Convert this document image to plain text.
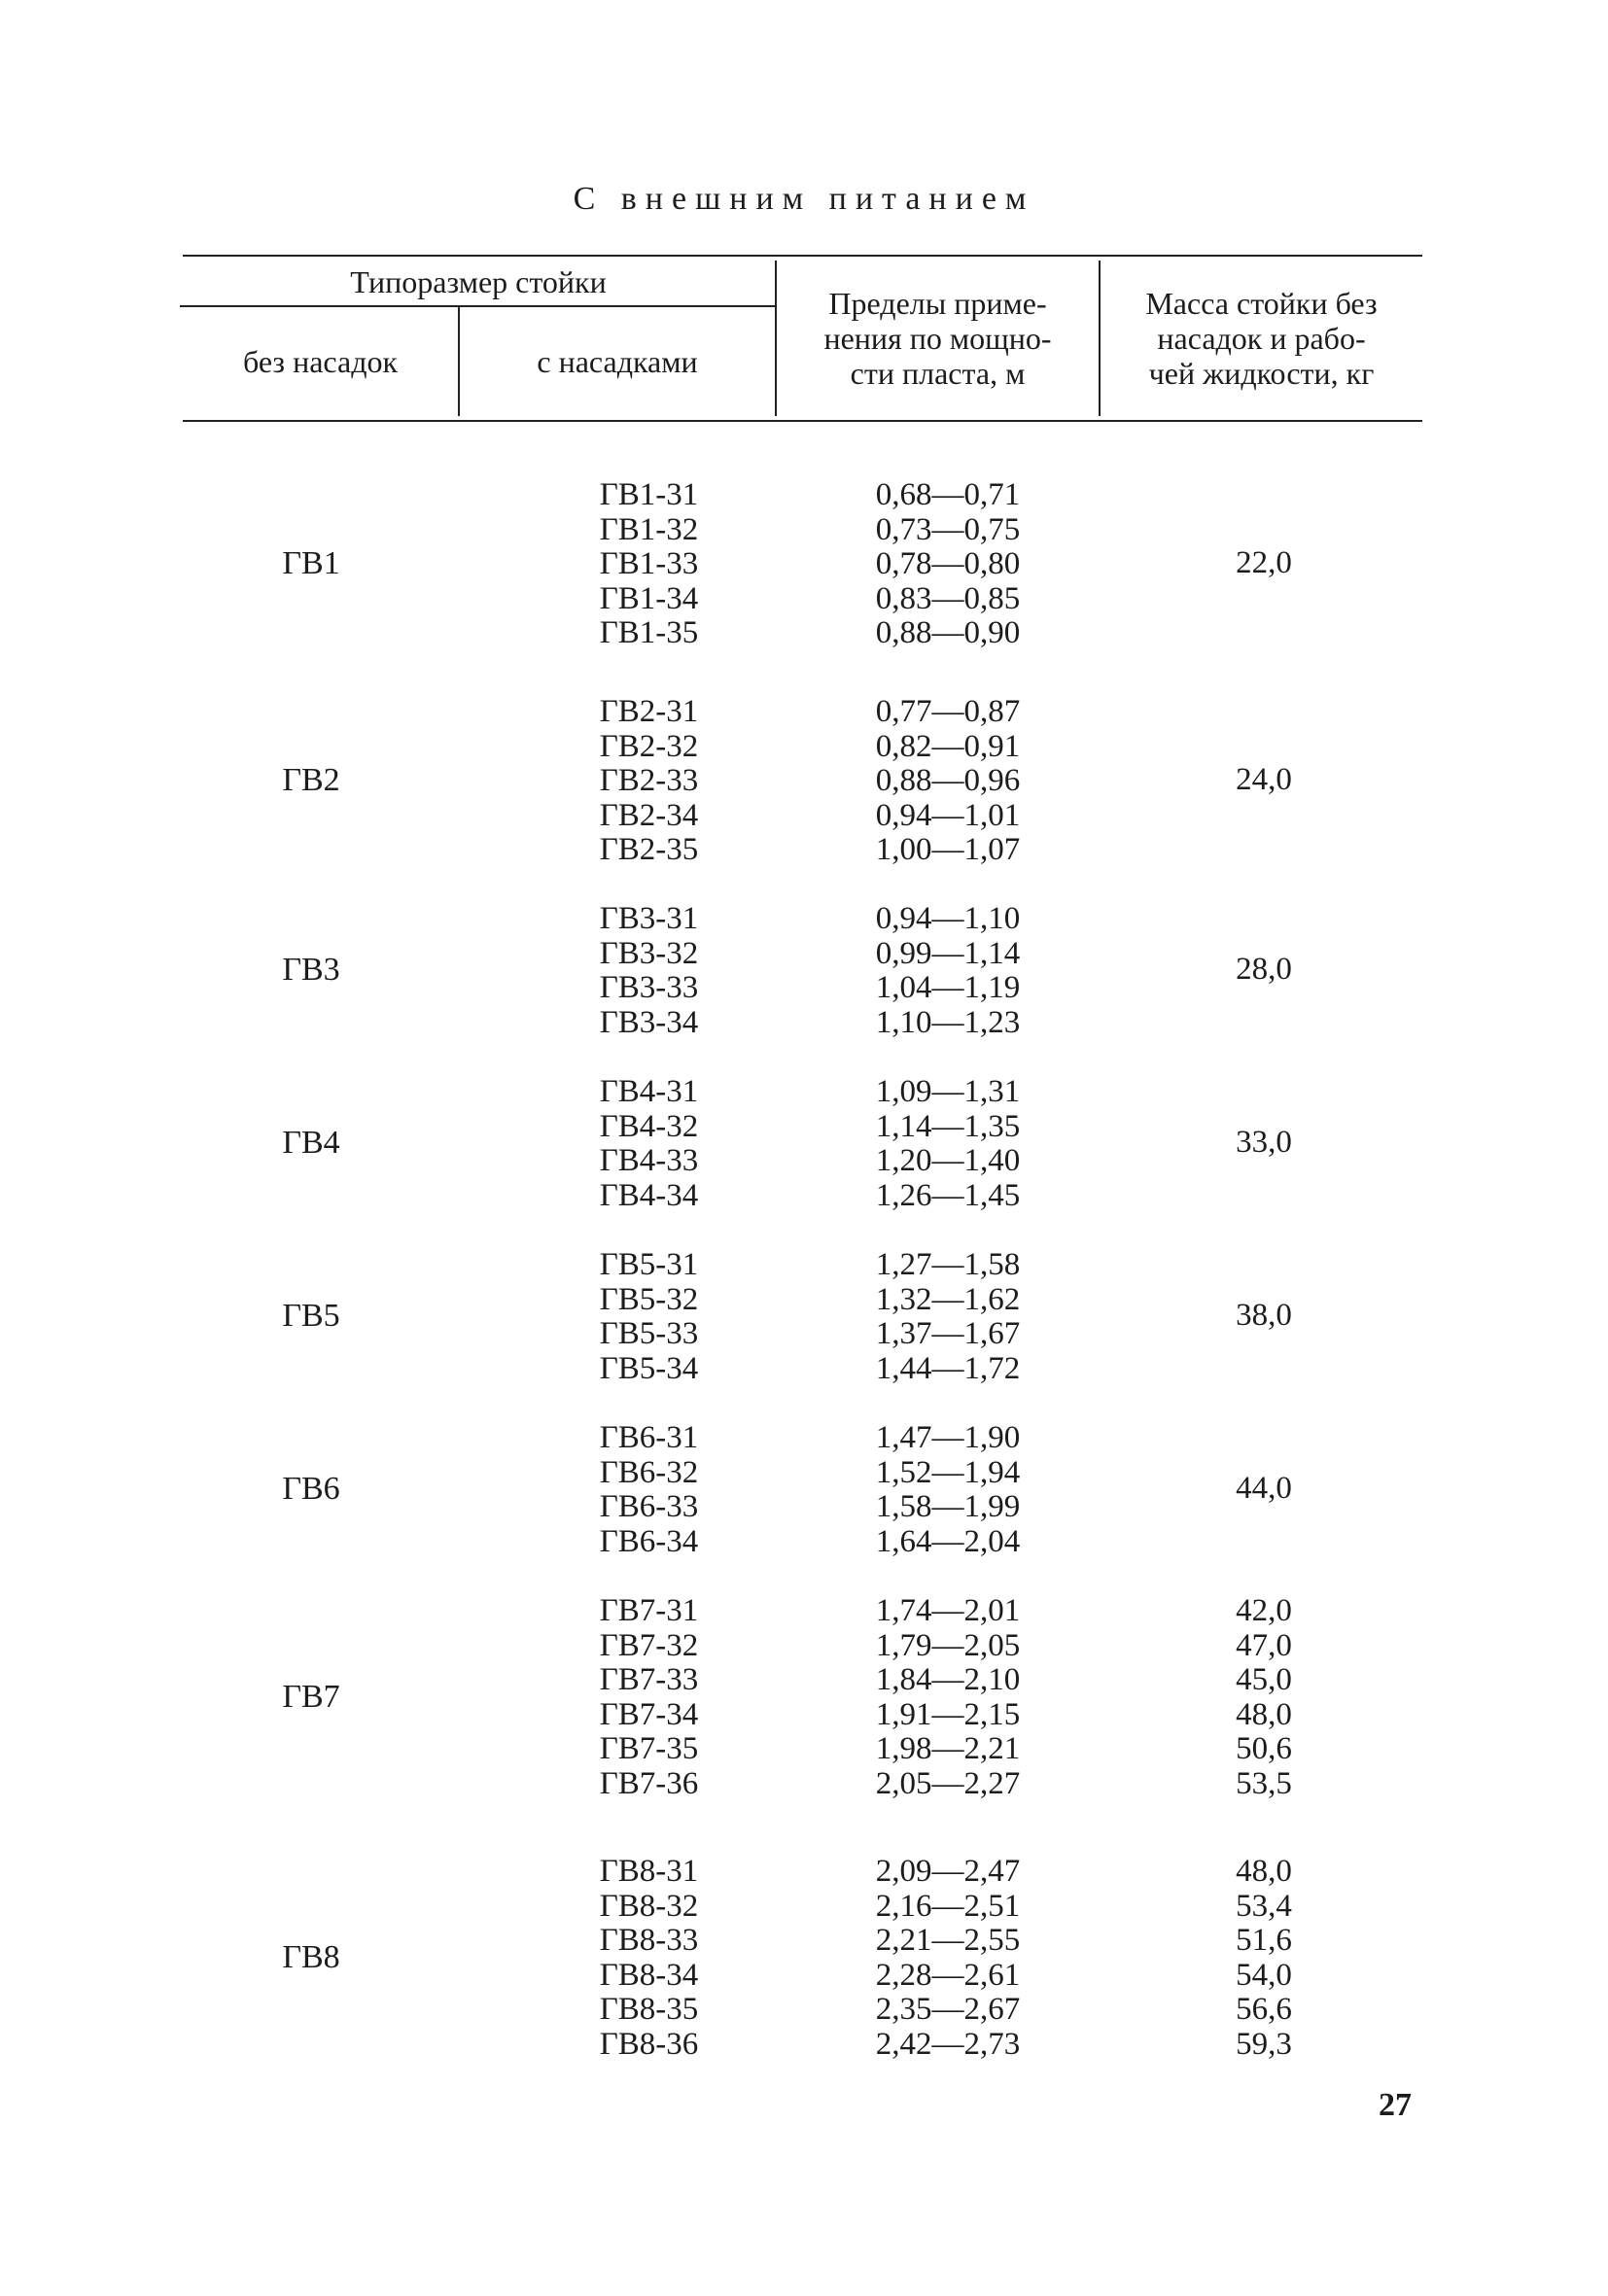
С внешним питанием
Типоразмер стойки
без насадок	с насадками
Пределы приме-
нения по мощно-
сти пласта, м
Масса стойки без
насадок и рабо-
чей жидкости, кг
ГВ1
ГВ1-31
ГВ1-32
ГВ1-33
ГВ1-34
ГВ1-35
0,68—0,71
0,73—0,75
0,78—0,80
0,83—0,85
0,88—0,90
22,0
ГВ2
ГВ2-31
ГВ2-32
ГВ2-33
ГВ2-34
ГВ2-35
0,77—0,87
0,82—0,91
0,88—0,96
0,94—1,01
1,00—1,07
24,0
ГВ3
ГВ3-31
ГВ3-32
ГВ3-33
ГВ3-34
0,94—1,10
0,99—1,14
1,04—1,19
1,10—1,23
28,0
ГВ4
ГВ4-31
ГВ4-32
ГВ4-33
ГВ4-34
1,09—1,31
1,14—1,35
1,20—1,40
1,26—1,45
33,0
ГВ5
ГВ5-31
ГВ5-32
ГВ5-33
ГВ5-34
1,27—1,58
1,32—1,62
1,37—1,67
1,44—1,72
38,0
ГВ6
ГВ6-31
ГВ6-32
ГВ6-33
ГВ6-34
1,47—1,90
1,52—1,94
1,58—1,99
1,64—2,04
44,0
ГВ7
ГВ7-31
ГВ7-32
ГВ7-33
ГВ7-34
ГВ7-35
ГВ7-36
1,74—2,01
1,79—2,05
1,84—2,10
1,91—2,15
1,98—2,21
2,05—2,27
42,0
47,0
45,0
48,0
50,6
53,5
ГВ8
ГВ8-31
ГВ8-32
ГВ8-33
ГВ8-34
ГВ8-35
ГВ8-36
2,09—2,47
2,16—2,51
2,21—2,55
2,28—2,61
2,35—2,67
2,42—2,73
48,0
53,4
51,6
54,0
56,6
59,3
27
